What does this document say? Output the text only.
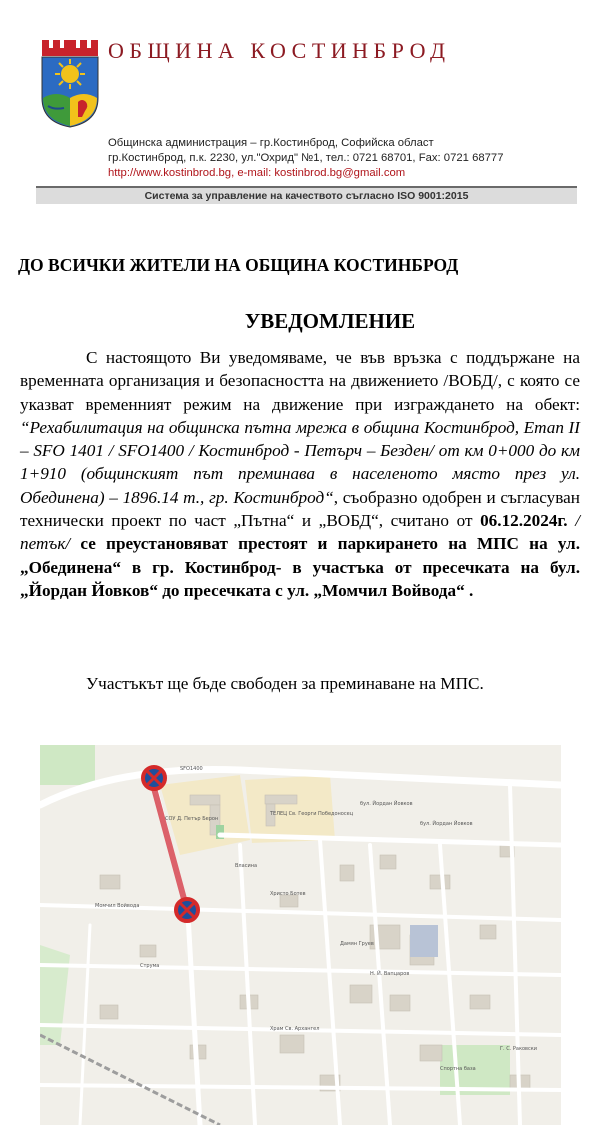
ОБЩИНА КОСТИНБРОД
Общинска администрация – гр.Костинброд, Софийска област
гр.Костинброд, п.к. 2230, ул."Охрид" №1, тел.: 0721 68701, Fax: 0721 68777
http://www.kostinbrod.bg, e-mail: kostinbrod.bg@gmail.com
Система за управление на качеството съгласно ISO 9001:2015
ДО ВСИЧКИ ЖИТЕЛИ НА ОБЩИНА КОСТИНБРОД
УВЕДОМЛЕНИЕ
С настоящото Ви уведомяваме, че във връзка с поддържане на временната организация и безопасността на движението /ВОБД/, с която се указват временният режим на движение при изграждането на обект: “Рехабилитация на общинска пътна мрежа в община Костинброд, Етап II – SFO 1401 / SFO1400 / Костинброд - Петърч – Безден/ от км 0+000 до км 1+910 (общинският път преминава в населеното място през ул. Обединена) – 1896.14 т., гр. Костинброд“, съобразно одобрен и съгласуван технически проект по част „Пътна“ и „ВОБД“, считано от 06.12.2024г. /петък/ се преустановяват престоят и паркирането на МПС на ул. „Обединена“ в гр. Костинброд- в участъка от пресечката на бул. „Йордан Йовков“ до пресечката с ул. „Момчил Войвода“ .
Участъкът ще бъде свободен за преминаване на МПС.
Момчил Войвода
бул. Йордан Йовков
бул. Йордан Йовков
Власина
Струма
Христо Ботев
SFO1400
Дамян Груев
Н. Й. Вапцаров
Г. С. Раковски
СОУ Д. Петър Берон
ТЕЛЕЦ Св. Георги Победоносец
Спортна база
Храм Св. Архангел
